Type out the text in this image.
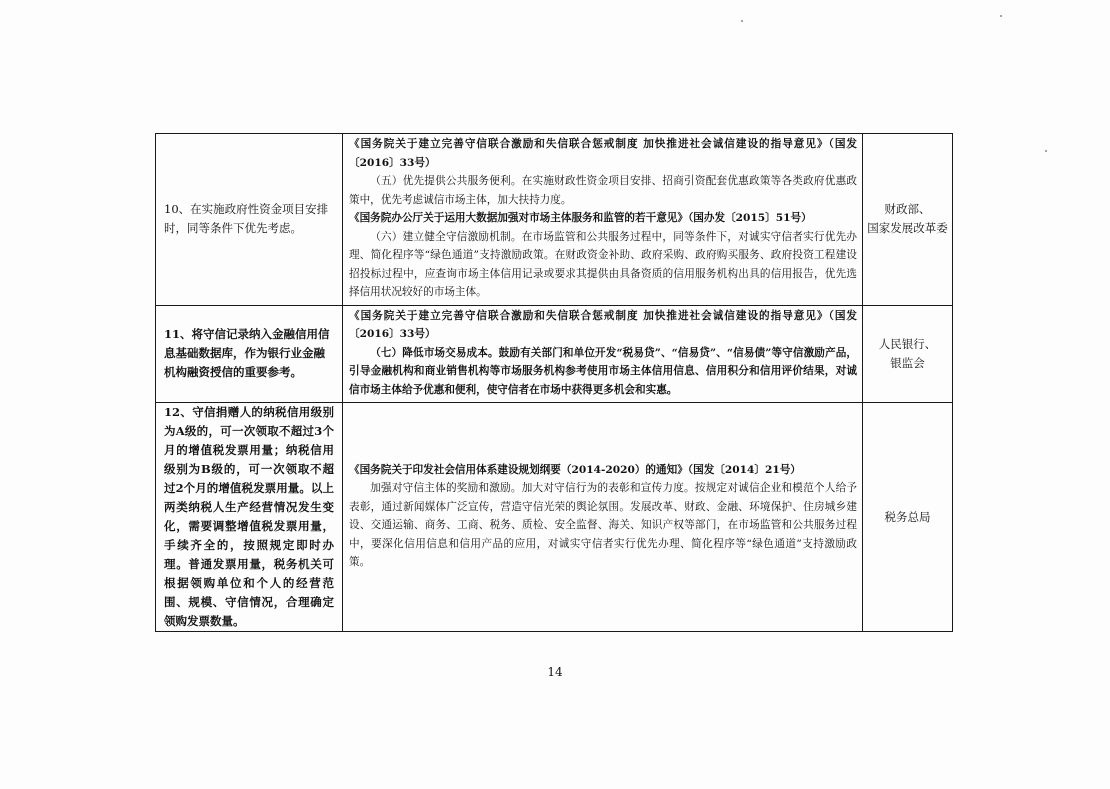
10、在实施政府性资金项目安排时，同等条件下优先考虑。	《国务院关于建立完善守信联合激励和失信联合惩戒制度 加快推进社会诚信建设的指导意见》（国发〔2016〕33号）
（五）优先提供公共服务便利。在实施财政性资金项目安排、招商引资配套优惠政策等各类政府优惠政策中，优先考虑诚信市场主体，加大扶持力度。
《国务院办公厅关于运用大数据加强对市场主体服务和监管的若干意见》（国办发〔2015〕51号）
（六）建立健全守信激励机制。在市场监管和公共服务过程中，同等条件下，对诚实守信者实行优先办理、简化程序等“绿色通道”支持激励政策。在财政资金补助、政府采购、政府购买服务、政府投资工程建设招投标过程中，应查询市场主体信用记录或要求其提供由具备资质的信用服务机构出具的信用报告，优先选择信用状况较好的市场主体。	财政部、
国家发展改革委

11、将守信记录纳入金融信用信息基础数据库，作为银行业金融机构融资授信的重要参考。	《国务院关于建立完善守信联合激励和失信联合惩戒制度 加快推进社会诚信建设的指导意见》（国发〔2016〕33号）
（七）降低市场交易成本。鼓励有关部门和单位开发“税易贷”、“信易贷”、“信易债”等守信激励产品，引导金融机构和商业销售机构等市场服务机构参考使用市场主体信用信息、信用积分和信用评价结果，对诚信市场主体给予优惠和便利，使守信者在市场中获得更多机会和实惠。	人民银行、
银监会

12、守信捐赠人的纳税信用级别为A级的，可一次领取不超过3个月的增值税发票用量；纳税信用级别为B级的，可一次领取不超过2个月的增值税发票用量。以上两类纳税人生产经营情况发生变化，需要调整增值税发票用量，手续齐全的，按照规定即时办理。普通发票用量，税务机关可根据领购单位和个人的经营范围、规模、守信情况，合理确定领购发票数量。	《国务院关于印发社会信用体系建设规划纲要（2014-2020）的通知》（国发〔2014〕21号）
加强对守信主体的奖励和激励。加大对守信行为的表彰和宣传力度。按规定对诚信企业和模范个人给予表彰，通过新闻媒体广泛宣传，营造守信光荣的舆论氛围。发展改革、财政、金融、环境保护、住房城乡建设、交通运输、商务、工商、税务、质检、安全监督、海关、知识产权等部门，在市场监管和公共服务过程中，要深化信用信息和信用产品的应用，对诚实守信者实行优先办理、简化程序等“绿色通道”支持激励政策。	税务总局
14
